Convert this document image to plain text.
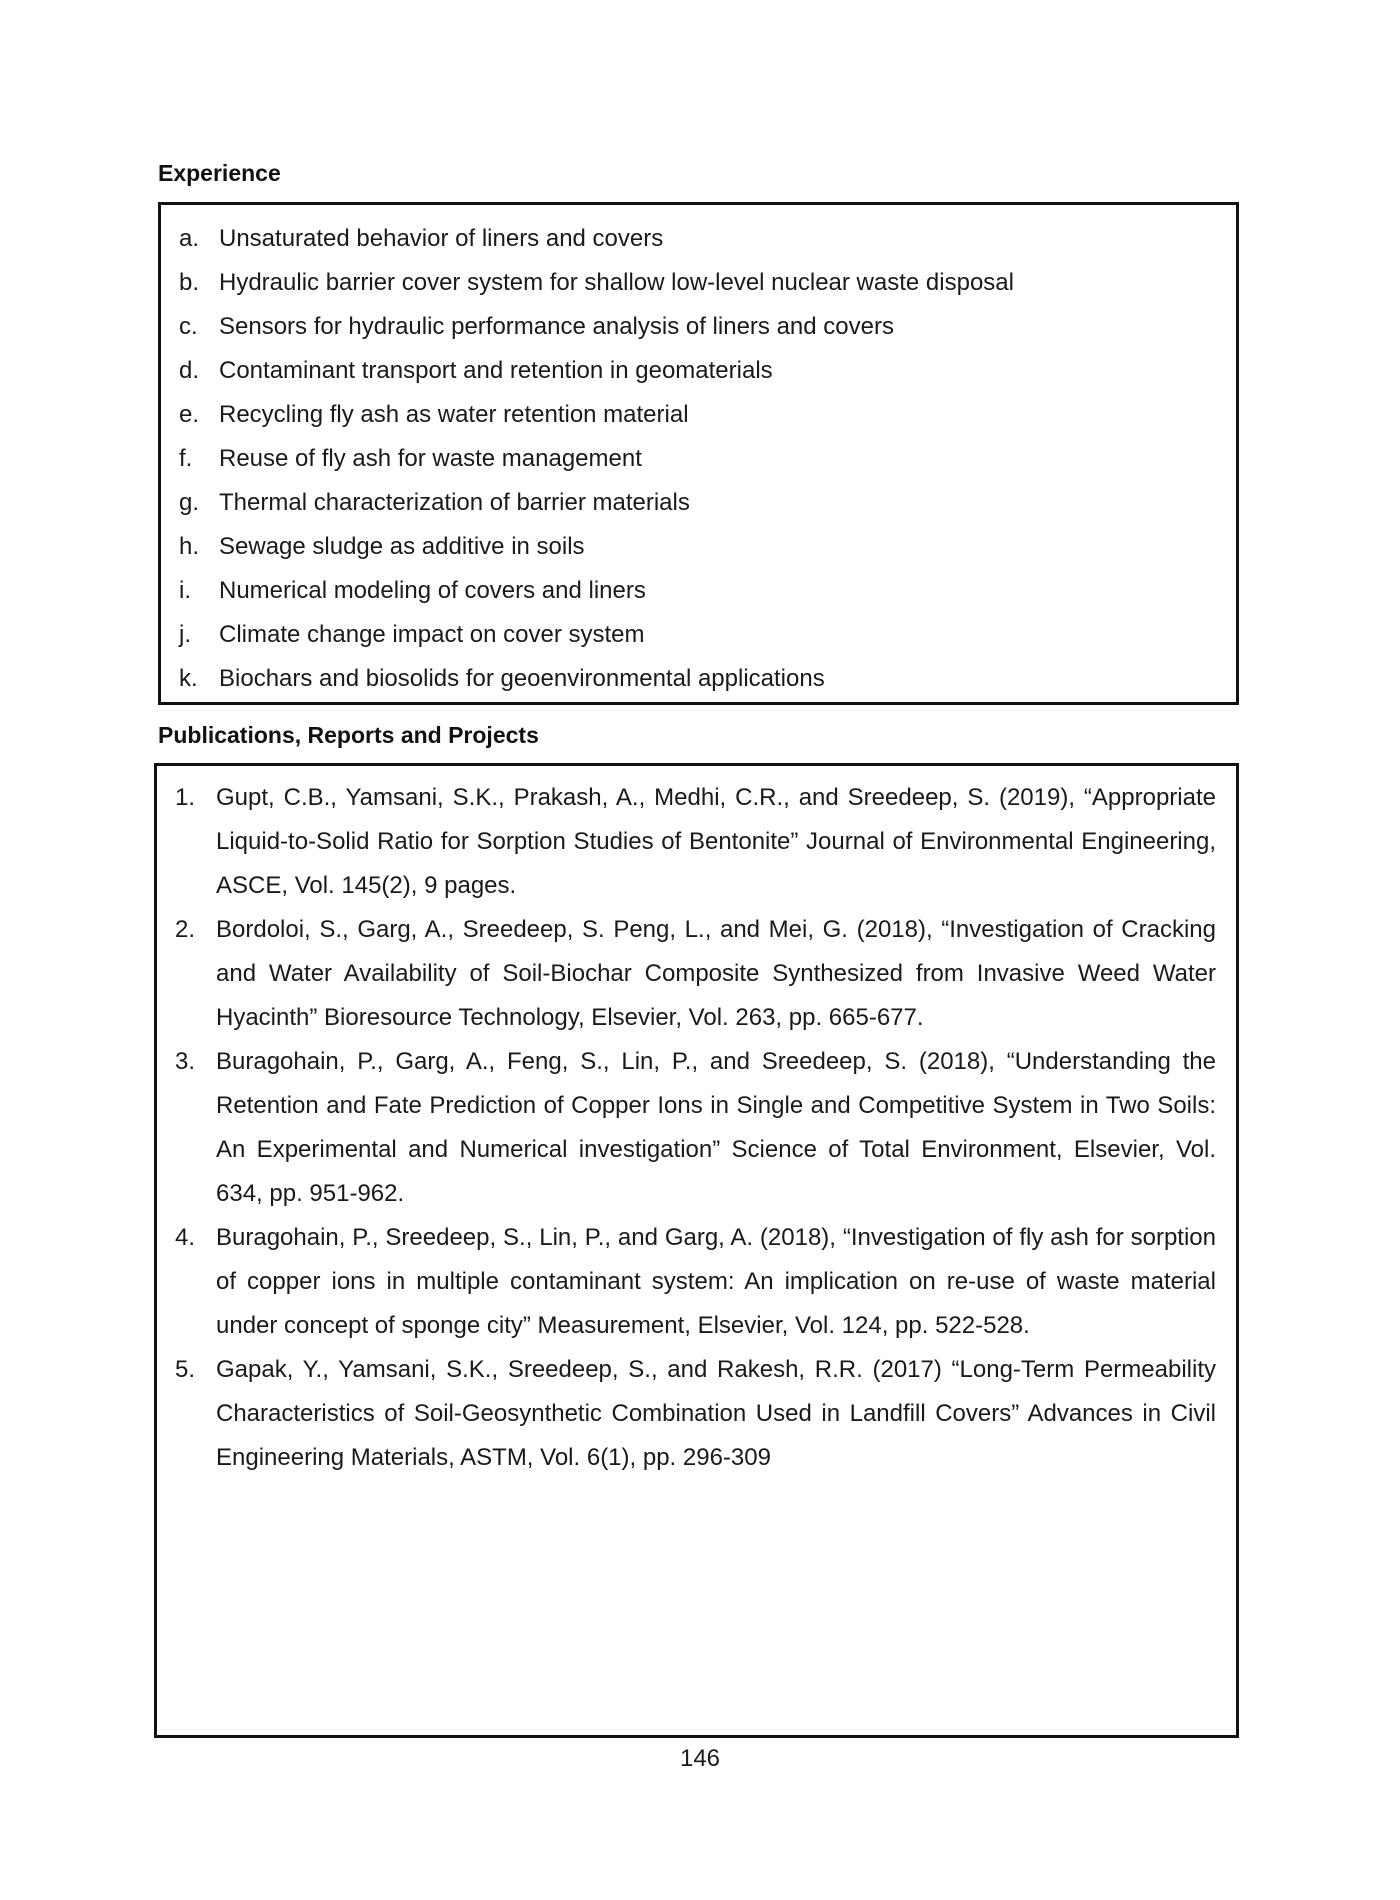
Experience
a. Unsaturated behavior of liners and covers
b. Hydraulic barrier cover system for shallow low-level nuclear waste disposal
c. Sensors for hydraulic performance analysis of liners and covers
d. Contaminant transport and retention in geomaterials
e. Recycling fly ash as water retention material
f. Reuse of fly ash for waste management
g. Thermal characterization of barrier materials
h. Sewage sludge as additive in soils
i. Numerical modeling of covers and liners
j. Climate change impact on cover system
k. Biochars and biosolids for geoenvironmental applications
Publications, Reports and Projects
1. Gupt, C.B., Yamsani, S.K., Prakash, A., Medhi, C.R., and Sreedeep, S. (2019), “Appropriate Liquid-to-Solid Ratio for Sorption Studies of Bentonite” Journal of Environmental Engineering, ASCE, Vol. 145(2), 9 pages.
2. Bordoloi, S., Garg, A., Sreedeep, S. Peng, L., and Mei, G. (2018), “Investigation of Cracking and Water Availability of Soil-Biochar Composite Synthesized from Invasive Weed Water Hyacinth” Bioresource Technology, Elsevier, Vol. 263, pp. 665-677.
3. Buragohain, P., Garg, A., Feng, S., Lin, P., and Sreedeep, S. (2018), “Understanding the Retention and Fate Prediction of Copper Ions in Single and Competitive System in Two Soils: An Experimental and Numerical investigation” Science of Total Environment, Elsevier, Vol. 634, pp. 951-962.
4. Buragohain, P., Sreedeep, S., Lin, P., and Garg, A. (2018), “Investigation of fly ash for sorption of copper ions in multiple contaminant system: An implication on re-use of waste material under concept of sponge city” Measurement, Elsevier, Vol. 124, pp. 522-528.
5. Gapak, Y., Yamsani, S.K., Sreedeep, S., and Rakesh, R.R. (2017) “Long-Term Permeability Characteristics of Soil-Geosynthetic Combination Used in Landfill Covers” Advances in Civil Engineering Materials, ASTM, Vol. 6(1), pp. 296-309
146
